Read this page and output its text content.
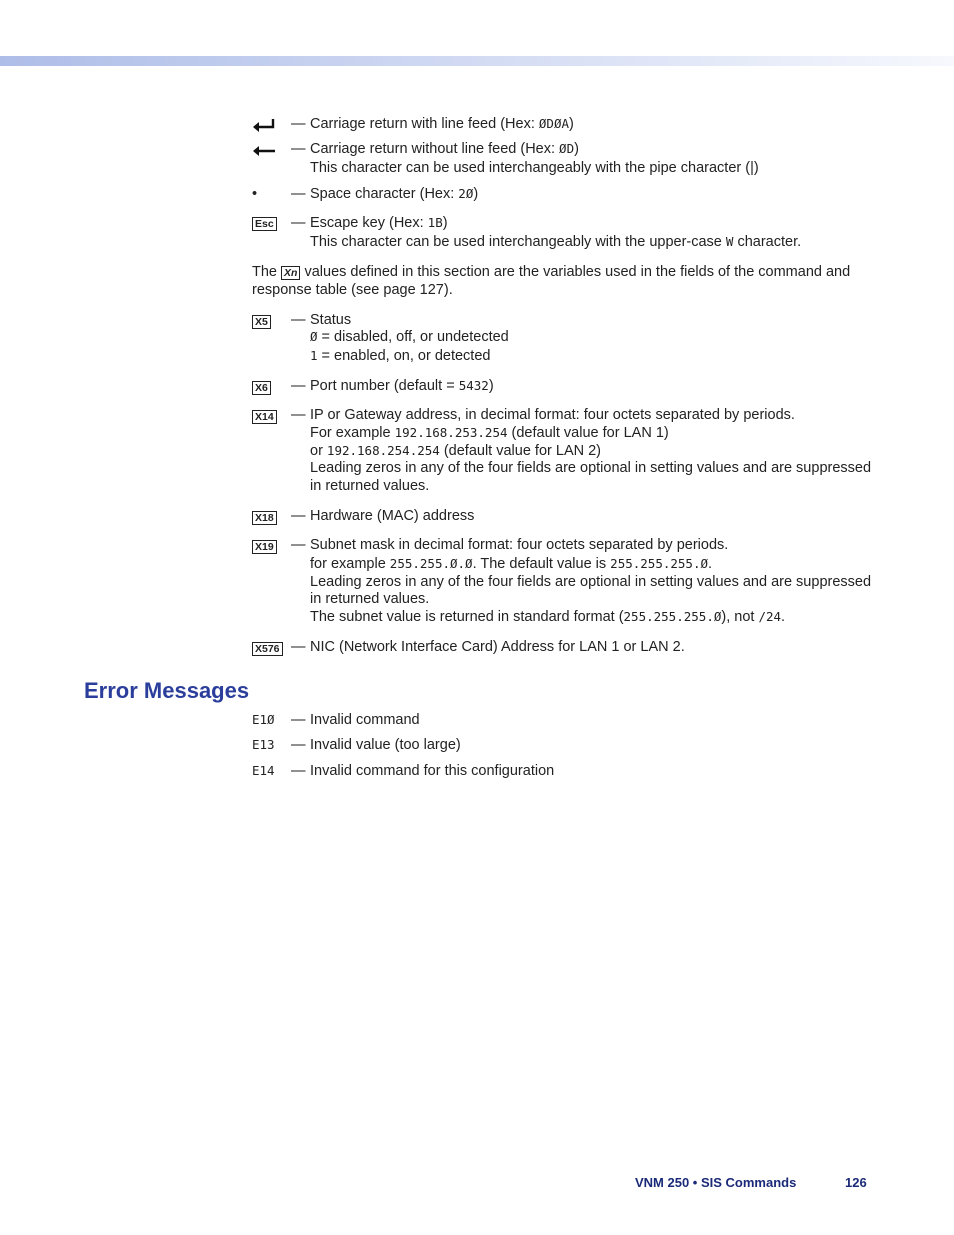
— Carriage return with line feed (Hex: ØDØA)
— Carriage return without line feed (Hex: ØD)
This character can be used interchangeably with the pipe character (|)
• — Space character (Hex: 2Ø)
Esc — Escape key (Hex: 1B)
This character can be used interchangeably with the upper-case W character.
The Xn values defined in this section are the variables used in the fields of the command and response table (see page 127).
X5 — Status
Ø = disabled, off, or undetected
1 = enabled, on, or detected
X6 — Port number (default = 5432)
X14 — IP or Gateway address, in decimal format: four octets separated by periods.
For example 192.168.253.254 (default value for LAN 1)
or 192.168.254.254 (default value for LAN 2)
Leading zeros in any of the four fields are optional in setting values and are suppressed
in returned values.
X18 — Hardware (MAC) address
X19 — Subnet mask in decimal format: four octets separated by periods.
for example 255.255.Ø.Ø. The default value is 255.255.255.Ø.
Leading zeros in any of the four fields are optional in setting values and are suppressed
in returned values.
The subnet value is returned in standard format (255.255.255.Ø), not /24.
X576 — NIC (Network Interface Card) Address for LAN 1 or LAN 2.
Error Messages
E1Ø — Invalid command
E13 — Invalid value (too large)
E14 — Invalid command for this configuration
VNM 250 • SIS Commands	126
